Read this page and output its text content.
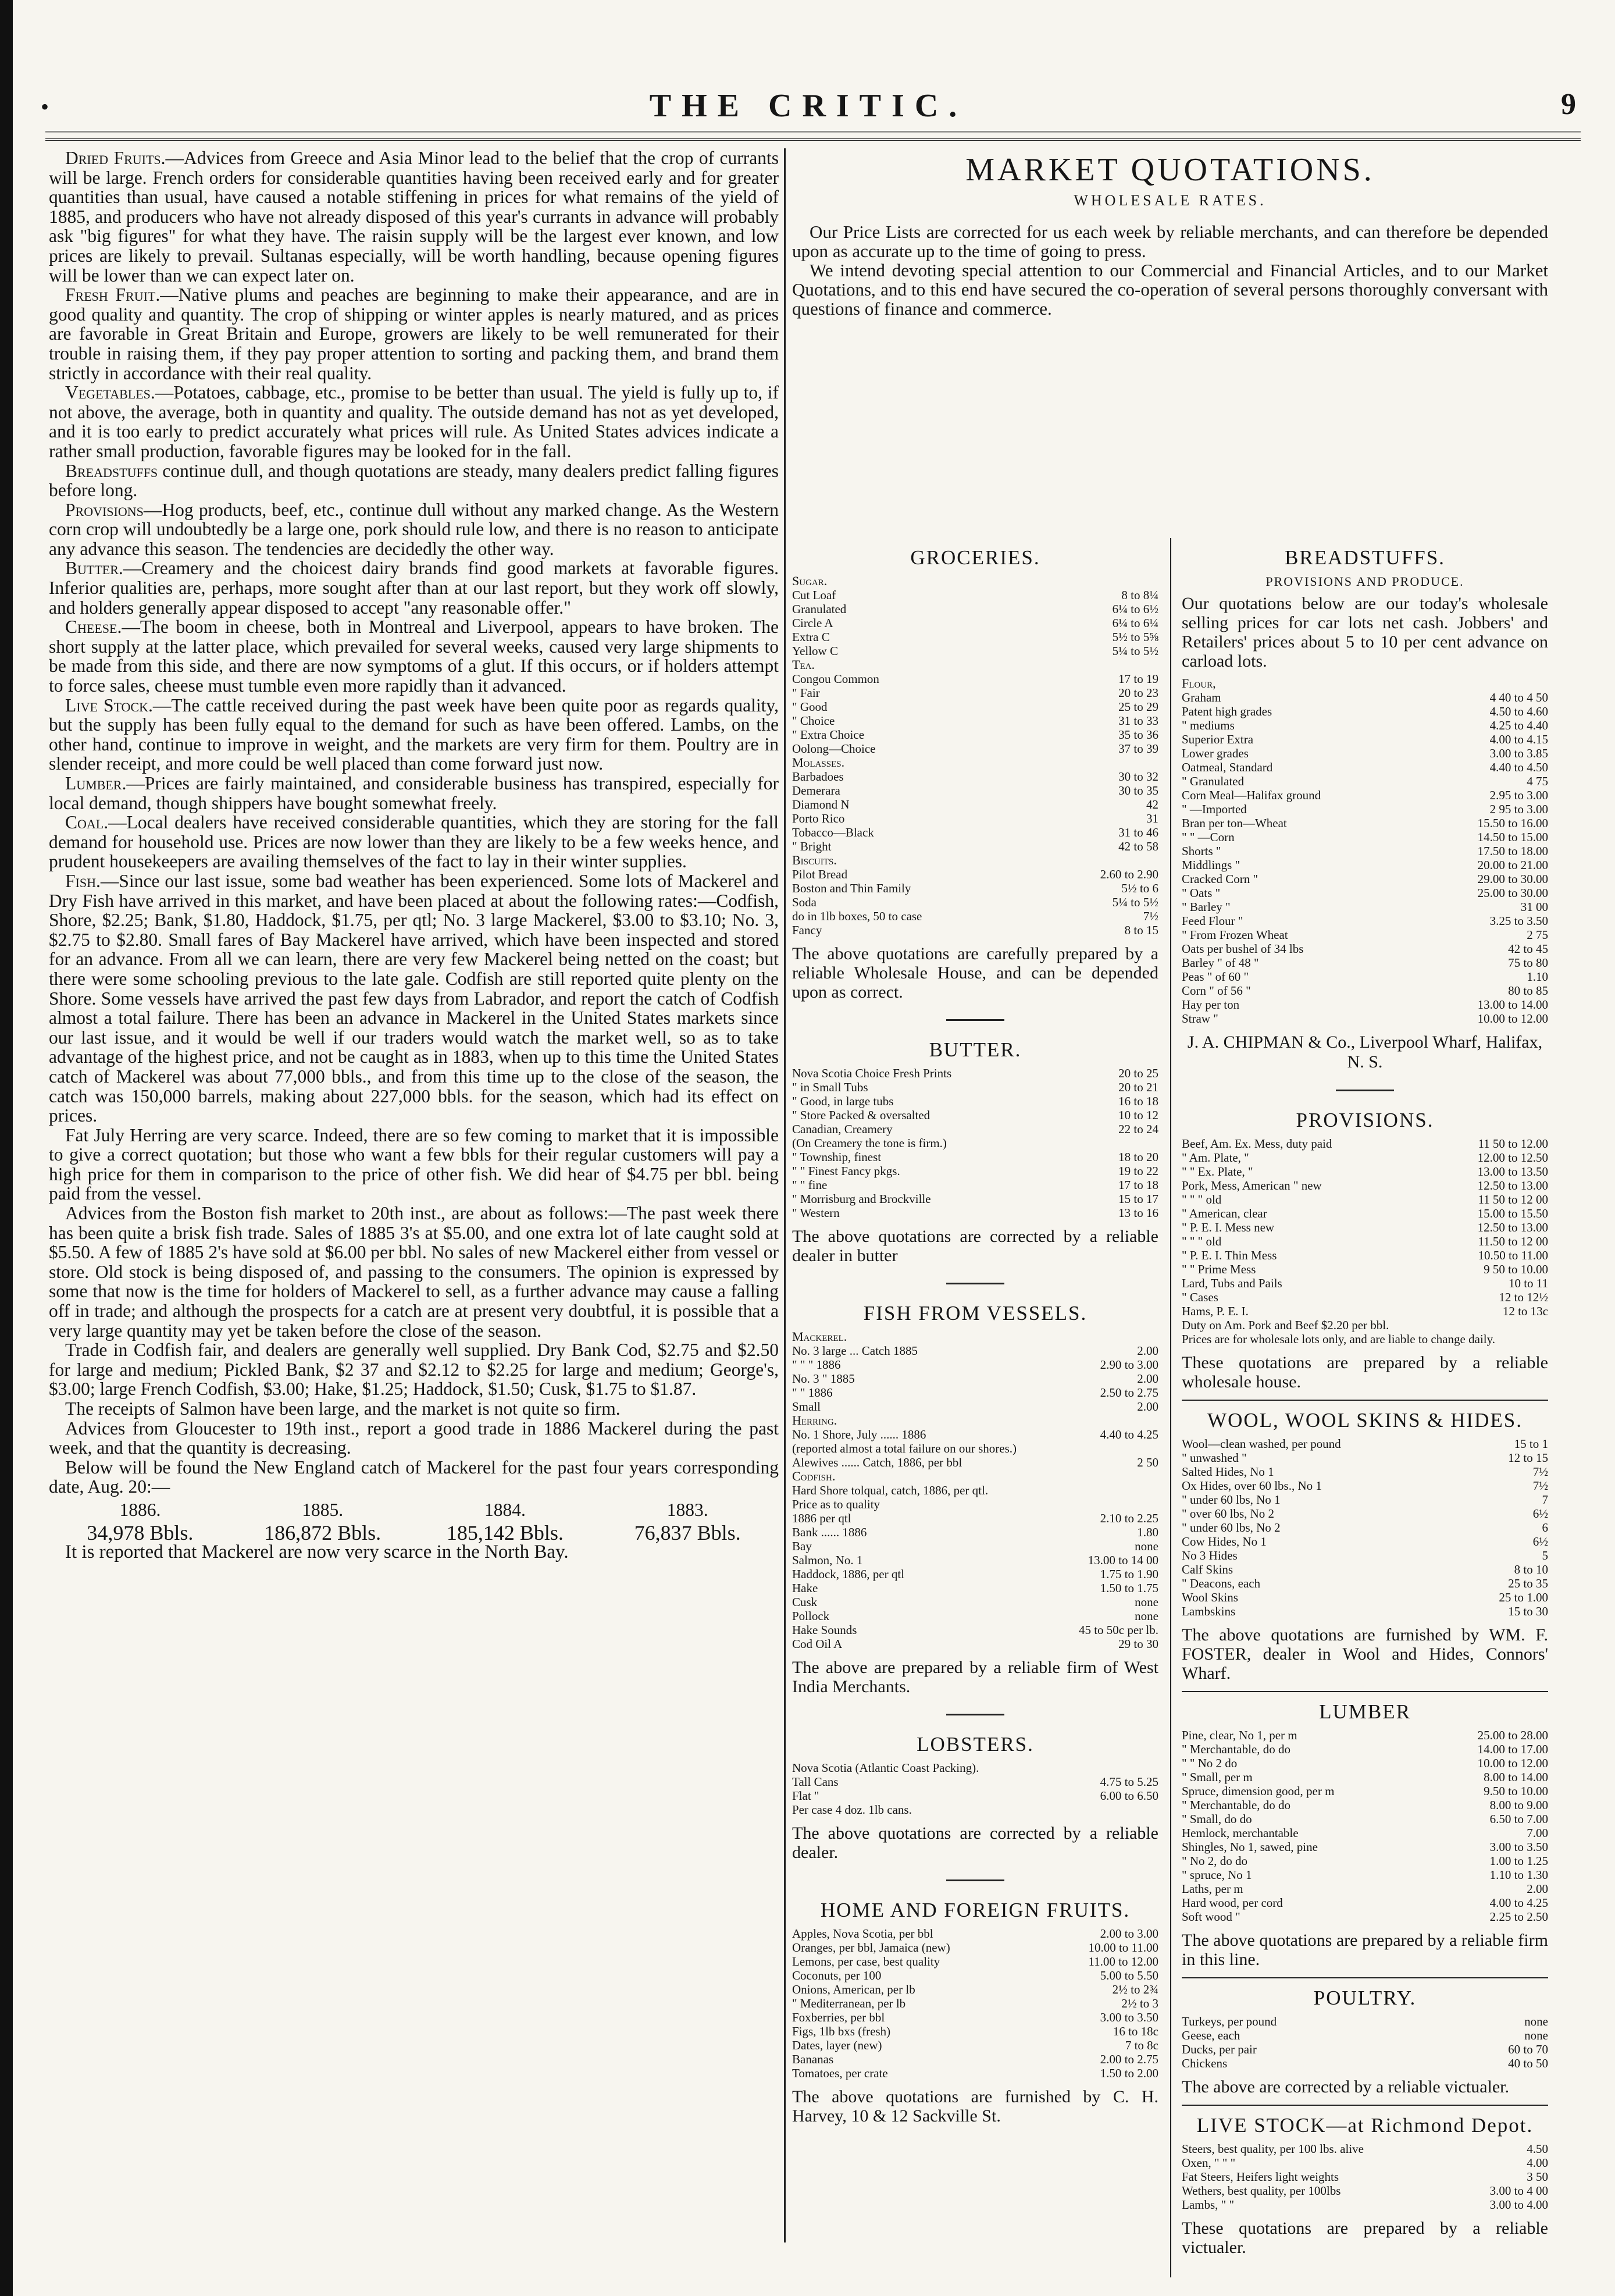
•	THE CRITIC.	9

Dried Fruits.—Advices from Greece and Asia Minor lead to the belief that the crop of currants will be large. French orders for considerable quantities having been received early and for greater quantities than usual, have caused a notable stiffening in prices for what remains of the yield of 1885, and producers who have not already disposed of this year's currants in advance will probably ask "big figures" for what they have. The raisin supply will be the largest ever known, and low prices are likely to prevail. Sultanas especially, will be worth handling, because opening figures will be lower than we can expect later on.

Fresh Fruit.—Native plums and peaches are beginning to make their appearance, and are in good quality and quantity. The crop of shipping or winter apples is nearly matured, and as prices are favorable in Great Britain and Europe, growers are likely to be well remunerated for their trouble in raising them, if they pay proper attention to sorting and packing them, and brand them strictly in accordance with their real quality.

Vegetables.—Potatoes, cabbage, etc., promise to be better than usual. The yield is fully up to, if not above, the average, both in quantity and quality. The outside demand has not as yet developed, and it is too early to predict accurately what prices will rule. As United States advices indicate a rather small production, favorable figures may be looked for in the fall.

Breadstuffs continue dull, and though quotations are steady, many dealers predict falling figures before long.

Provisions—Hog products, beef, etc., continue dull without any marked change. As the Western corn crop will undoubtedly be a large one, pork should rule low, and there is no reason to anticipate any advance this season. The tendencies are decidedly the other way.

Butter.—Creamery and the choicest dairy brands find good markets at favorable figures. Inferior qualities are, perhaps, more sought after than at our last report, but they work off slowly, and holders generally appear disposed to accept "any reasonable offer."

Cheese.—The boom in cheese, both in Montreal and Liverpool, appears to have broken. The short supply at the latter place, which prevailed for several weeks, caused very large shipments to be made from this side, and there are now symptoms of a glut. If this occurs, or if holders attempt to force sales, cheese must tumble even more rapidly than it advanced.

Live Stock.—The cattle received during the past week have been quite poor as regards quality, but the supply has been fully equal to the demand for such as have been offered. Lambs, on the other hand, continue to improve in weight, and the markets are very firm for them. Poultry are in slender receipt, and more could be well placed than come forward just now.

Lumber.—Prices are fairly maintained, and considerable business has transpired, especially for local demand, though shippers have bought somewhat freely.

Coal.—Local dealers have received considerable quantities, which they are storing for the fall demand for household use. Prices are now lower than they are likely to be a few weeks hence, and prudent housekeepers are availing themselves of the fact to lay in their winter supplies.

Fish.—Since our last issue, some bad weather has been experienced. Some lots of Mackerel and Dry Fish have arrived in this market, and have been placed at about the following rates:—Codfish, Shore, $2.25; Bank, $1.80, Haddock, $1.75, per qtl; No. 3 large Mackerel, $3.00 to $3.10; No. 3, $2.75 to $2.80. Small fares of Bay Mackerel have arrived, which have been inspected and stored for an advance. From all we can learn, there are very few Mackerel being netted on the coast; but there were some schooling previous to the late gale. Codfish are still reported quite plenty on the Shore. Some vessels have arrived the past few days from Labrador, and report the catch of Codfish almost a total failure. There has been an advance in Mackerel in the United States markets since our last issue, and it would be well if our traders would watch the market well, so as to take advantage of the highest price, and not be caught as in 1883, when up to this time the United States catch of Mackerel was about 77,000 bbls., and from this time up to the close of the season, the catch was 150,000 barrels, making about 227,000 bbls. for the season, which had its effect on prices.

Fat July Herring are very scarce. Indeed, there are so few coming to market that it is impossible to give a correct quotation; but those who want a few bbls for their regular customers will pay a high price for them in comparison to the price of other fish. We did hear of $4.75 per bbl. being paid from the vessel.

Advices from the Boston fish market to 20th inst., are about as follows:—The past week there has been quite a brisk fish trade. Sales of 1885 3's at $5.00, and one extra lot of late caught sold at $5.50. A few of 1885 2's have sold at $6.00 per bbl. No sales of new Mackerel either from vessel or store. Old stock is being disposed of, and passing to the consumers. The opinion is expressed by some that now is the time for holders of Mackerel to sell, as a further advance may cause a falling off in trade; and although the prospects for a catch are at present very doubtful, it is possible that a very large quantity may yet be taken before the close of the season.

Trade in Codfish fair, and dealers are generally well supplied. Dry Bank Cod, $2.75 and $2.50 for large and medium; Pickled Bank, $2 37 and $2.12 to $2.25 for large and medium; George's, $3.00; large French Codfish, $3.00; Hake, $1.25; Haddock, $1.50; Cusk, $1.75 to $1.87.

The receipts of Salmon have been large, and the market is not quite so firm.

Advices from Gloucester to 19th inst., report a good trade in 1886 Mackerel during the past week, and that the quantity is decreasing.

Below will be found the New England catch of Mackerel for the past four years corresponding date, Aug. 20:—

1886.	1885.	1884.	1883.
34,978 Bbls.	186,872 Bbls.	185,142 Bbls.	76,837 Bbls.

It is reported that Mackerel are now very scarce in the North Bay.

MARKET QUOTATIONS.
WHOLESALE RATES.

Our Price Lists are corrected for us each week by reliable merchants, and can therefore be depended upon as accurate up to the time of going to press.

We intend devoting special attention to our Commercial and Financial Articles, and to our Market Quotations, and to this end have secured the co-operation of several persons thoroughly conversant with questions of finance and commerce.

GROCERIES.
Sugar.
Cut Loaf	8 to 8¼
Granulated	6¼ to 6½
Circle A	6¼ to 6¼
Extra C	5½ to 5⅝
Yellow C	5¼ to 5½
Tea.
Congou Common	17 to 19
" Fair	20 to 23
" Good	25 to 29
" Choice	31 to 33
" Extra Choice	35 to 36
Oolong—Choice	37 to 39
Molasses.
Barbadoes	30 to 32
Demerara	30 to 35
Diamond N	42
Porto Rico	31
Tobacco—Black	31 to 46
" Bright	42 to 58
Biscuits.
Pilot Bread	2.60 to 2.90
Boston and Thin Family	5½ to 6
Soda	5¼ to 5½
do in 1lb boxes, 50 to case	7½
Fancy	8 to 15
The above quotations are carefully prepared by a reliable Wholesale House, and can be depended upon as correct.
BUTTER.
Nova Scotia Choice Fresh Prints	20 to 25
" in Small Tubs	20 to 21
" Good, in large tubs	16 to 18
" Store Packed & oversalted	10 to 12
Canadian, Creamery	22 to 24
(On Creamery the tone is firm.)
" Township, finest	18 to 20
" " Finest Fancy pkgs.	19 to 22
" " fine	17 to 18
" Morrisburg and Brockville	15 to 17
" Western	13 to 16
The above quotations are corrected by a reliable dealer in butter
FISH FROM VESSELS.
Mackerel.
No. 3 large ... Catch 1885	2.00
" " " 1886	2.90 to 3.00
No. 3 " 1885	2.00
" " 1886	2.50 to 2.75
Small	2.00
Herring.
No. 1 Shore, July ...... 1886	4.40 to 4.25
(reported almost a total failure on our shores.)
Alewives ...... Catch, 1886, per bbl	2 50
Codfish.
Hard Shore tolqual, catch, 1886, per qtl.
Price as to quality
1886 per qtl	2.10 to 2.25
Bank ...... 1886	1.80
Bay	none
Salmon, No. 1	13.00 to 14 00
Haddock, 1886, per qtl	1.75 to 1.90
Hake	1.50 to 1.75
Cusk	none
Pollock	none
Hake Sounds	45 to 50c per lb.
Cod Oil A	29 to 30
The above are prepared by a reliable firm of West India Merchants.
LOBSTERS.
Nova Scotia (Atlantic Coast Packing).
Tall Cans	4.75 to 5.25
Flat "	6.00 to 6.50
Per case 4 doz. 1lb cans.
The above quotations are corrected by a reliable dealer.
HOME AND FOREIGN FRUITS.
Apples, Nova Scotia, per bbl	2.00 to 3.00
Oranges, per bbl, Jamaica (new)	10.00 to 11.00
Lemons, per case, best quality	11.00 to 12.00
Coconuts, per 100	5.00 to 5.50
Onions, American, per lb	2½ to 2¾
" Mediterranean, per lb	2½ to 3
Foxberries, per bbl	3.00 to 3.50
Figs, 1lb bxs (fresh)	16 to 18c
Dates, layer (new)	7 to 8c
Bananas	2.00 to 2.75
Tomatoes, per crate	1.50 to 2.00
The above quotations are furnished by C. H. Harvey, 10 & 12 Sackville St.
BREADSTUFFS.
PROVISIONS AND PRODUCE.
Our quotations below are our today's wholesale selling prices for car lots net cash. Jobbers' and Retailers' prices about 5 to 10 per cent advance on carload lots.
Flour,
Graham	4 40 to 4 50
Patent high grades	4.50 to 4.60
" mediums	4.25 to 4.40
Superior Extra	4.00 to 4.15
Lower grades	3.00 to 3.85
Oatmeal, Standard	4.40 to 4.50
" Granulated	4 75
Corn Meal—Halifax ground	2.95 to 3.00
" —Imported	2 95 to 3.00
Bran per ton—Wheat	15.50 to 16.00
" " —Corn	14.50 to 15.00
Shorts "	17.50 to 18.00
Middlings "	20.00 to 21.00
Cracked Corn "	29.00 to 30.00
" Oats "	25.00 to 30.00
" Barley "	31 00
Feed Flour "	3.25 to 3.50
" From Frozen Wheat	2 75
Oats per bushel of 34 lbs	42 to 45
Barley " of 48 "	75 to 80
Peas " of 60 "	1.10
Corn " of 56 "	80 to 85
Hay per ton	13.00 to 14.00
Straw "	10.00 to 12.00
J. A. CHIPMAN & Co., Liverpool Wharf, Halifax, N. S.
PROVISIONS.
Beef, Am. Ex. Mess, duty paid	11 50 to 12.00
" Am. Plate, "	12.00 to 12.50
" " Ex. Plate, "	13.00 to 13.50
Pork, Mess, American " new	12.50 to 13.00
" " " old	11 50 to 12 00
" American, clear	15.00 to 15.50
" P. E. I. Mess new	12.50 to 13.00
" " " old	11.50 to 12 00
" P. E. I. Thin Mess	10.50 to 11.00
" " Prime Mess	9 50 to 10.00
Lard, Tubs and Pails	10 to 11
" Cases	12 to 12½
Hams, P. E. I.	12 to 13c
Duty on Am. Pork and Beef $2.20 per bbl.
Prices are for wholesale lots only, and are liable to change daily.
These quotations are prepared by a reliable wholesale house.
WOOL, WOOL SKINS & HIDES.
Wool—clean washed, per pound	15 to 1
" unwashed "	12 to 15
Salted Hides, No 1	7½
Ox Hides, over 60 lbs., No 1	7½
" under 60 lbs, No 1	7
" over 60 lbs, No 2	6½
" under 60 lbs, No 2	6
Cow Hides, No 1	6½
No 3 Hides	5
Calf Skins	8 to 10
" Deacons, each	25 to 35
Wool Skins	25 to 1.00
Lambskins	15 to 30
The above quotations are furnished by WM. F. FOSTER, dealer in Wool and Hides, Connors' Wharf.
LUMBER
Pine, clear, No 1, per m	25.00 to 28.00
" Merchantable, do do	14.00 to 17.00
" " No 2 do	10.00 to 12.00
" Small, per m	8.00 to 14.00
Spruce, dimension good, per m	9.50 to 10.00
" Merchantable, do do	8.00 to 9.00
" Small, do do	6.50 to 7.00
Hemlock, merchantable	7.00
Shingles, No 1, sawed, pine	3.00 to 3.50
" No 2, do do	1.00 to 1.25
" spruce, No 1	1.10 to 1.30
Laths, per m	2.00
Hard wood, per cord	4.00 to 4.25
Soft wood "	2.25 to 2.50
The above quotations are prepared by a reliable firm in this line.
POULTRY.
Turkeys, per pound	none
Geese, each	none
Ducks, per pair	60 to 70
Chickens	40 to 50
The above are corrected by a reliable victualer.
LIVE STOCK—at Richmond Depot.
Steers, best quality, per 100 lbs. alive	4.50
Oxen, " " "	4.00
Fat Steers, Heifers light weights	3 50
Wethers, best quality, per 100lbs	3.00 to 4 00
Lambs, " "	3.00 to 4.00
These quotations are prepared by a reliable victualer.
